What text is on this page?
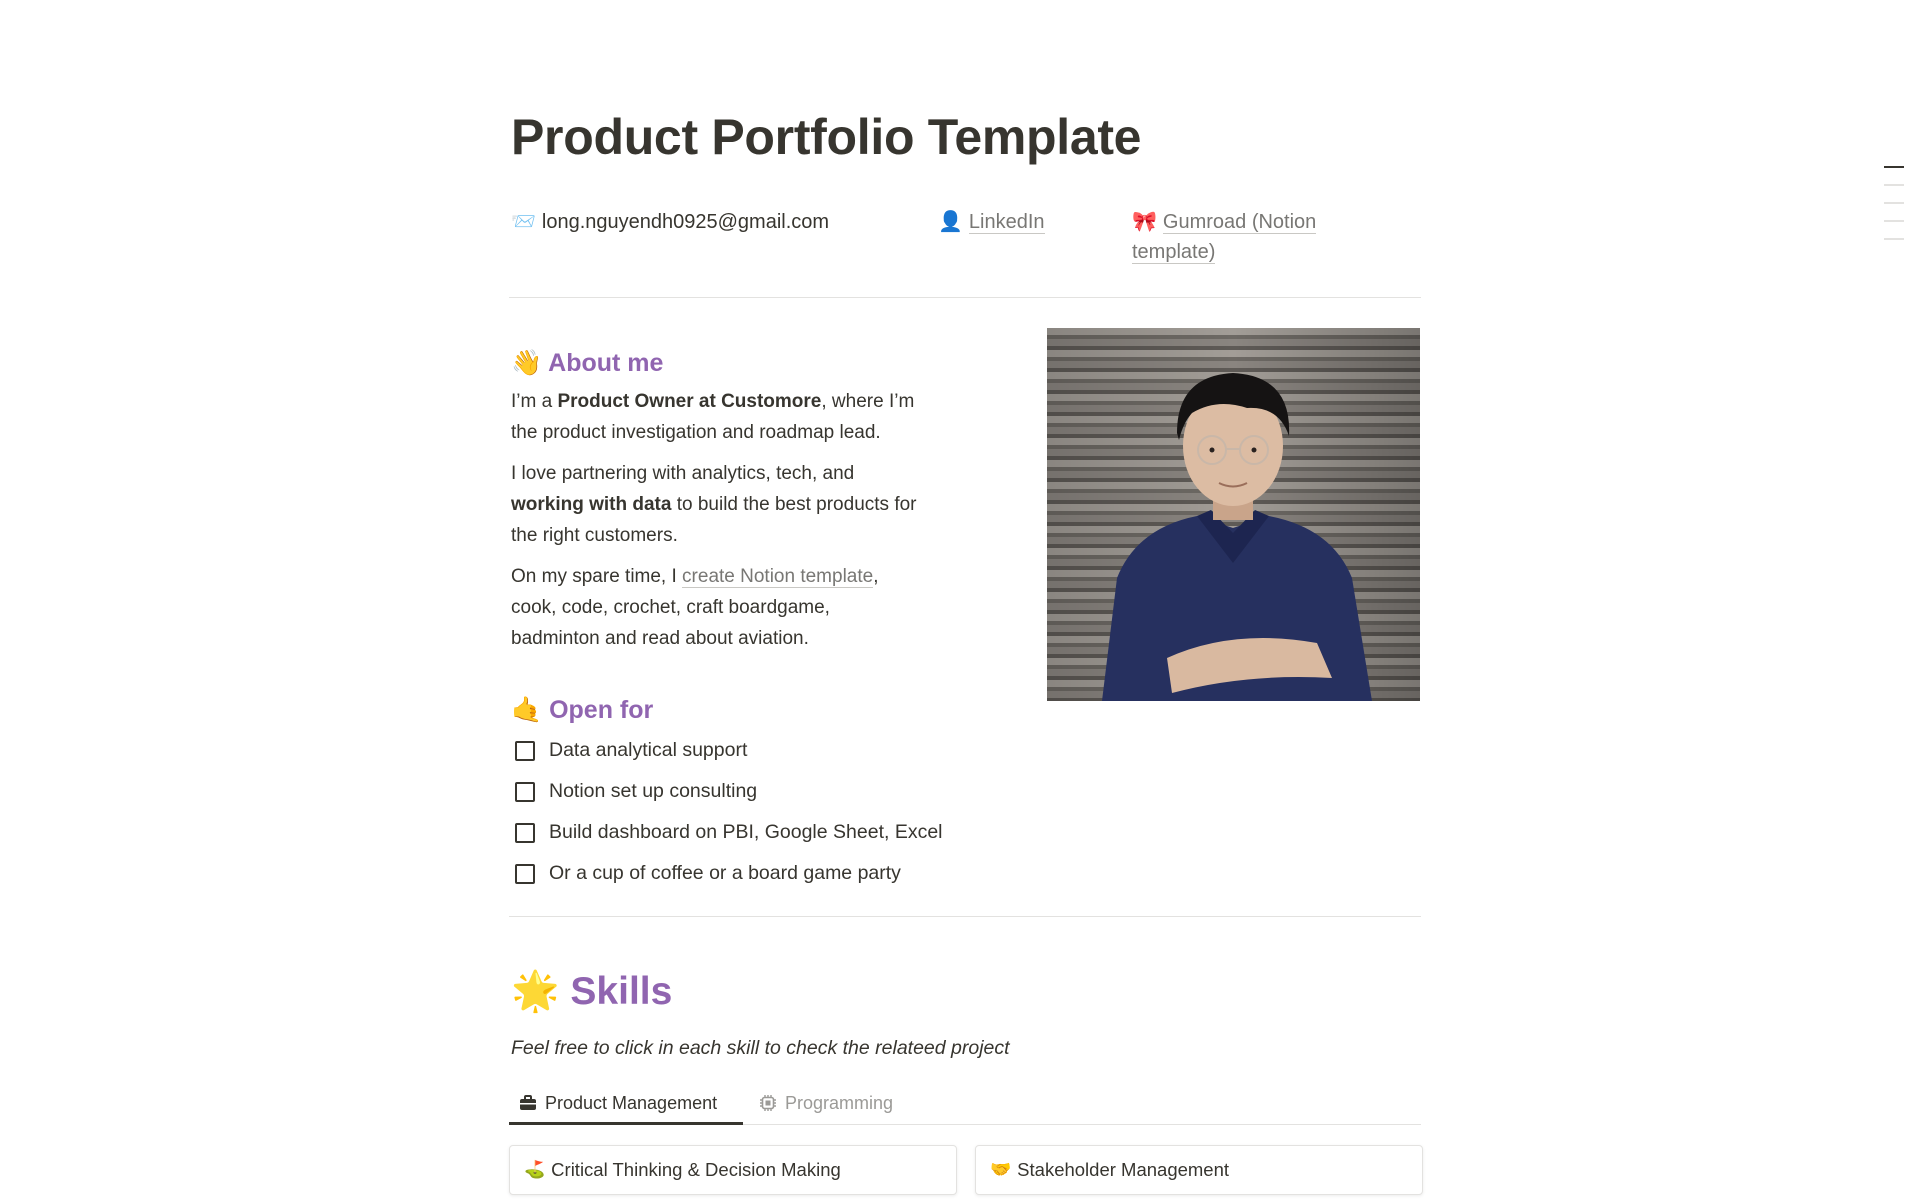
Product Portfolio Template
📨 long.nguyendh0925@gmail.com	👤 LinkedIn	🎀 Gumroad (Notion
template)
👋 About me

I’m a Product Owner at Customore, where I’m
the product investigation and roadmap lead.

I love partnering with analytics, tech, and
working with data to build the best products for
the right customers.

On my spare time, I create Notion template,
cook, code, crochet, craft boardgame,
badminton and read about aviation.

🤙 Open for
Data analytical support
Notion set up consulting
Build dashboard on PBI, Google Sheet, Excel
Or a cup of coffee or a board game party
🌟 Skills
Feel free to click in each skill to check the relateed project
Product Management	Programming
⛳ Critical Thinking & Decision Making	🤝 Stakeholder Management
